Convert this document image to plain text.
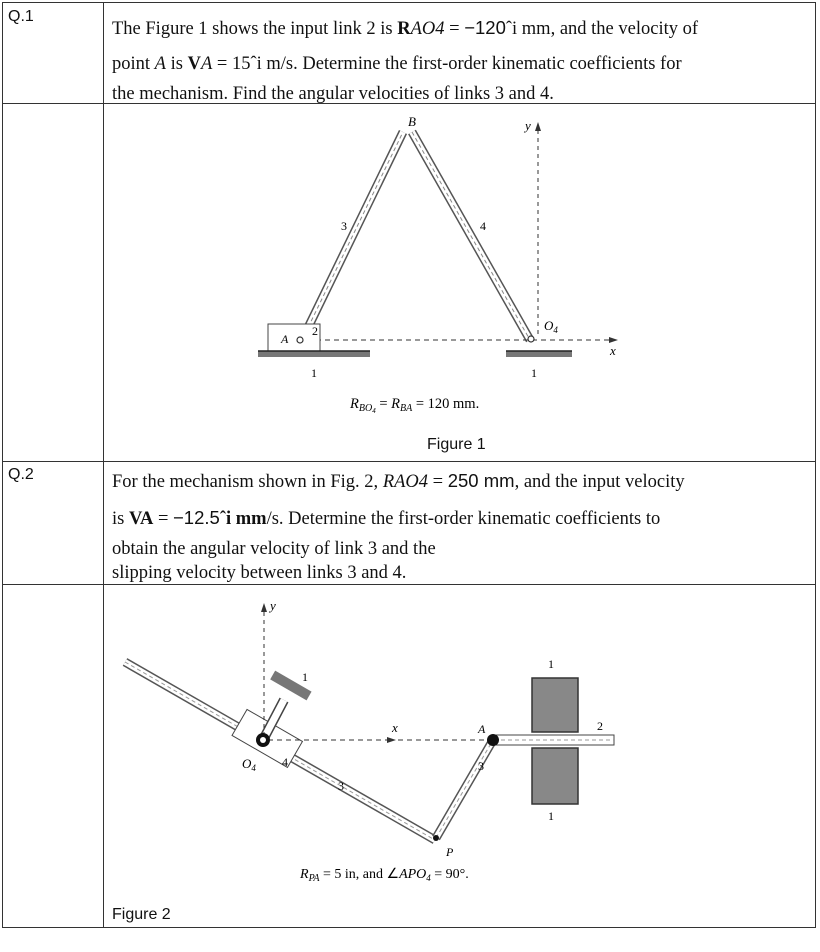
Q.1
The Figure 1 shows the input link 2 is RAO4 = −120ˆi mm, and the velocity of
point A is VA = 15ˆi m/s. Determine the first-order kinematic coefficients for
the mechanism. Find the angular velocities of links 3 and 4.
B	y
3	4
A
2	$O_4$
x
1	1
$R_{BO}4 = R_{BA} = 120$ mm.
Figure 1
Q.2	For the mechanism shown in Fig. 2, RAO4 = 250 mm, and the input velocity
is VA = −12.5ˆi mm/s. Determine the first-order kinematic coefficients to
obtain the angular velocity of link 3 and the
slipping velocity between links 3 and 4.
y
1
x	A
$O_4$ 4
3
3
1
1
2
P
$R_{PA} = 5$ in, and $\angle APO_4 = 90^\circ$.
Figure 2
